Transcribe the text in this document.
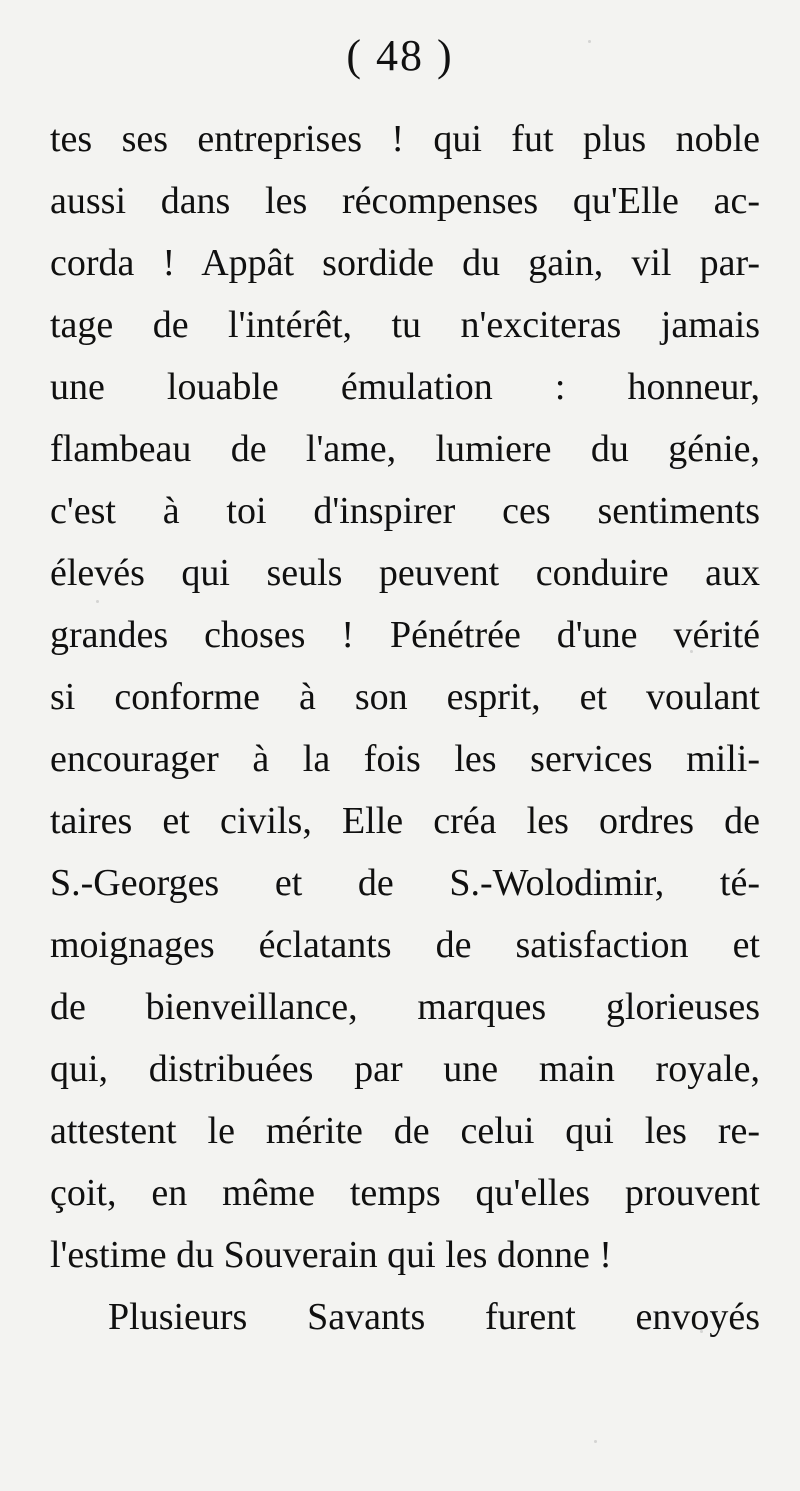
( 48 )
tes ses entreprises ! qui fut plus noble
aussi dans les récompenses qu'Elle ac-
corda ! Appât sordide du gain, vil par-
tage de l'intérêt, tu n'exciteras jamais
une louable émulation : honneur,
flambeau de l'ame, lumiere du génie,
c'est à toi d'inspirer ces sentiments
élevés qui seuls peuvent conduire aux
grandes choses ! Pénétrée d'une vérité
si conforme à son esprit, et voulant
encourager à la fois les services mili-
taires et civils, Elle créa les ordres de
S.-Georges et de S.-Wolodimir, té-
moignages éclatants de satisfaction et
de bienveillance, marques glorieuses
qui, distribuées par une main royale,
attestent le mérite de celui qui les re-
çoit, en même temps qu'elles prouvent
l'estime du Souverain qui les donne !
Plusieurs Savants furent envoyés
